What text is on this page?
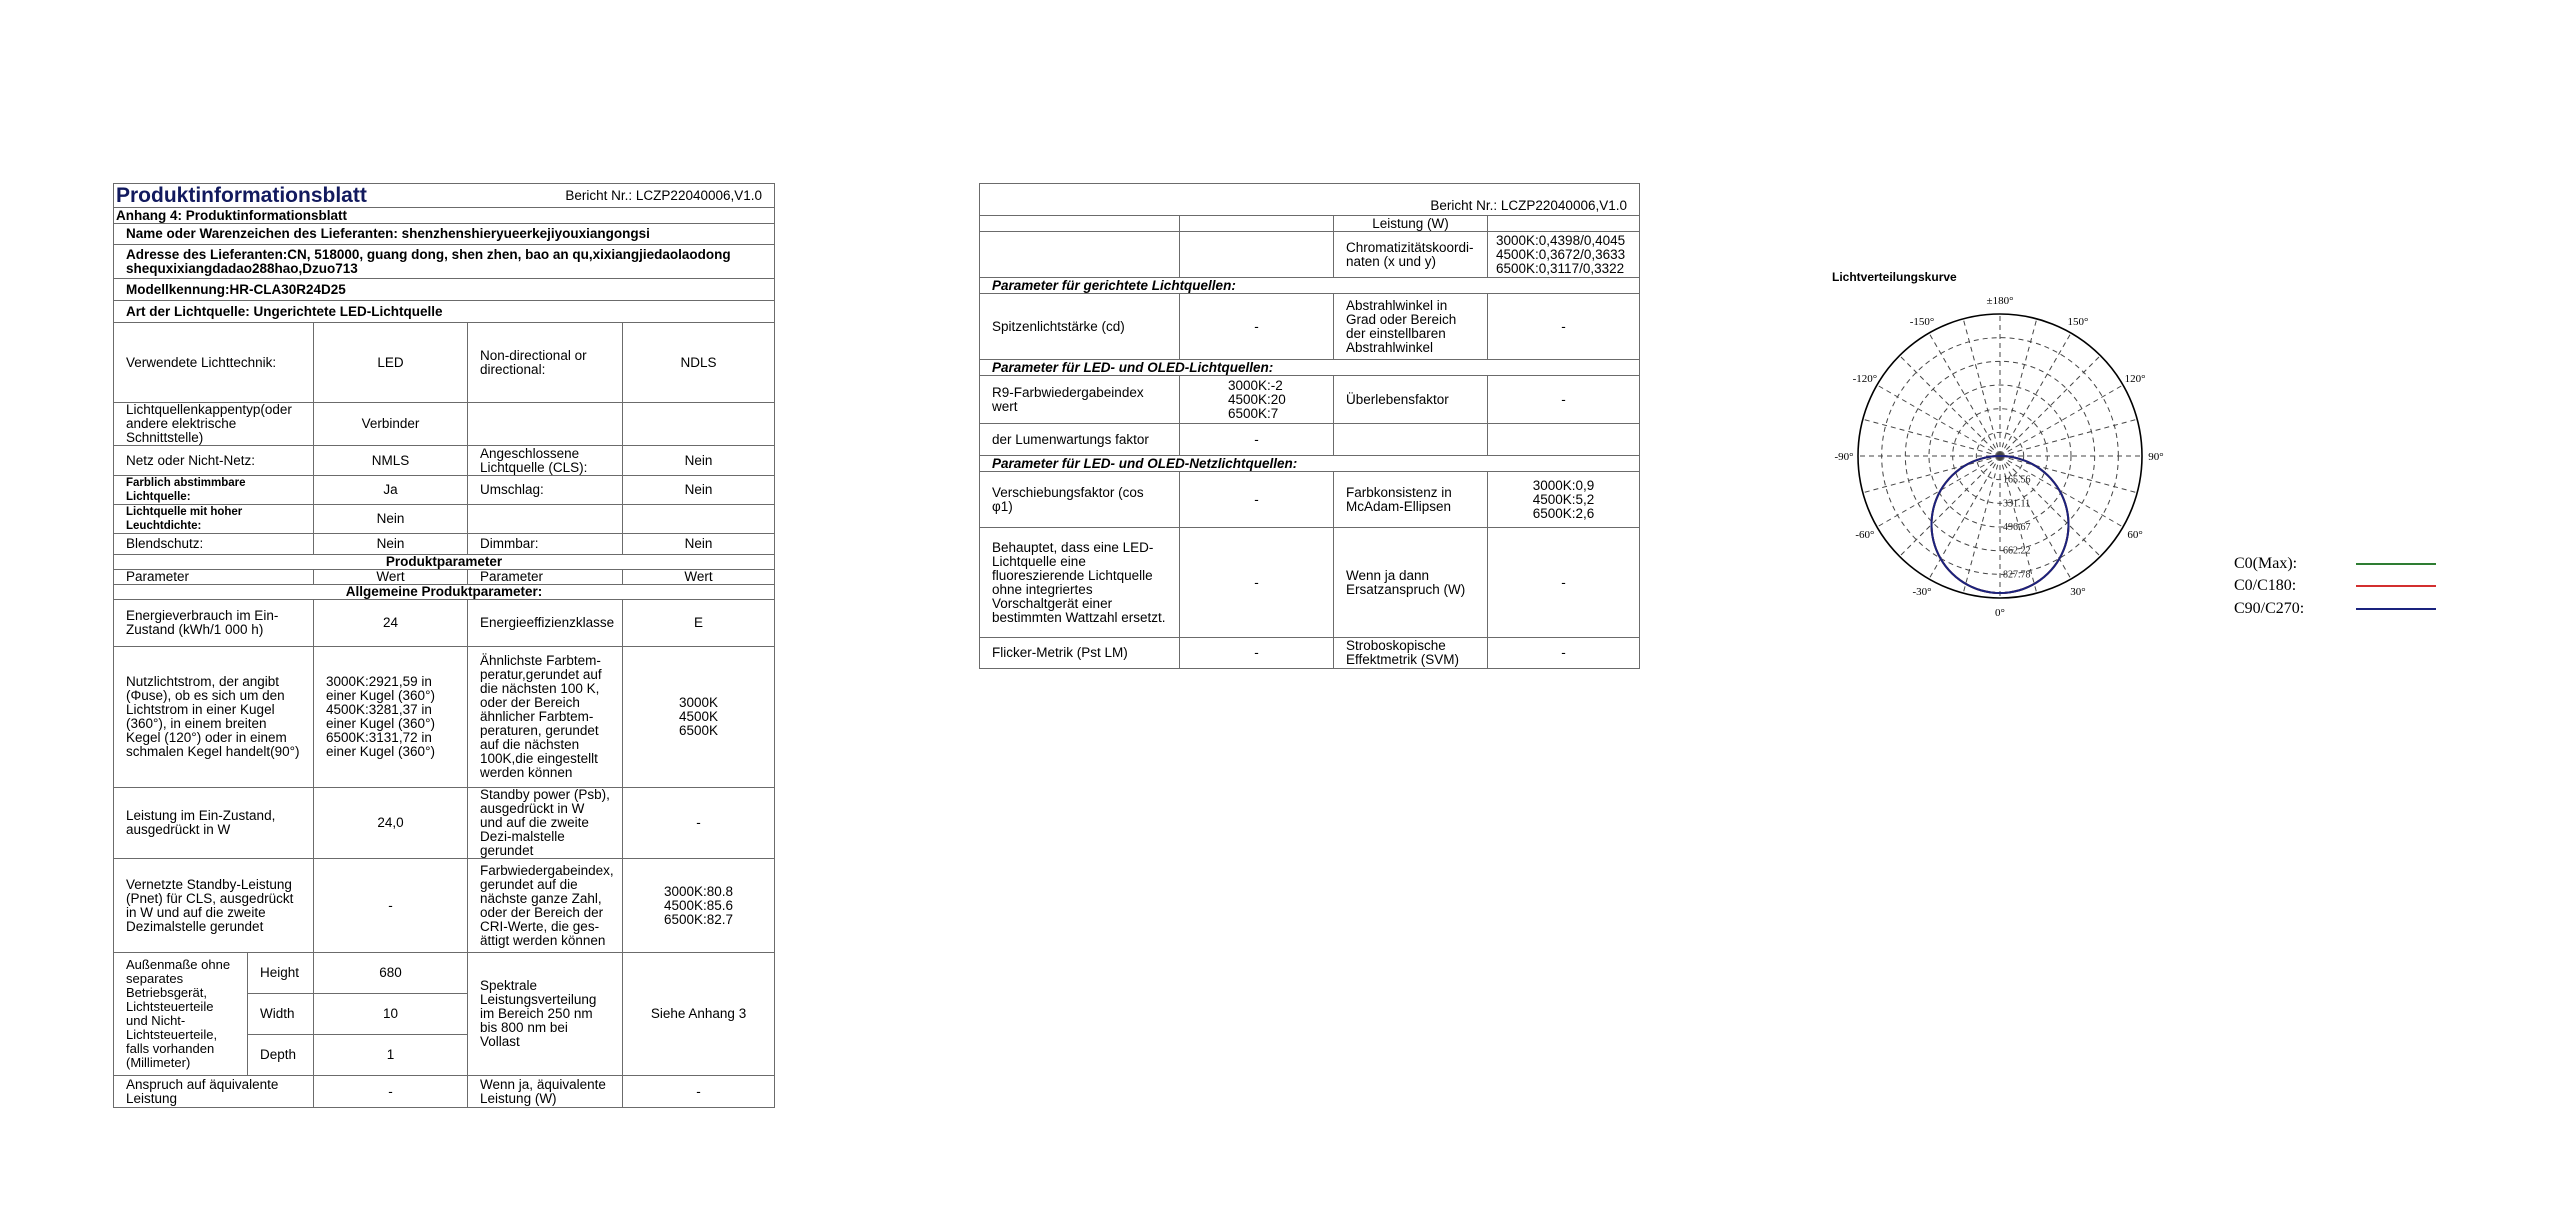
Produktinformationsblatt			Bericht Nr.: LCZP22040006,V1.0	
Anhang 4: Produktinformationsblatt				
Name oder Warenzeichen des Lieferanten: shenzhenshieryueerkejiyouxiangongsi				
Adresse des Lieferanten:CN, 518000, guang dong, shen zhen, bao an qu,xixiangjiedaolaodong shequxixiangdadao288hao,Dzuo713				
Modellkennung:HR-CLA30R24D25				
Art der Lichtquelle: Ungerichtete LED-Lichtquelle				
Verwendete Lichttechnik:		LED	Non-directional or directional:	NDLS
Lichtquellenkappentyp(oder andere elektrische Schnittstelle)		Verbinder		
Netz oder Nicht-Netz:		NMLS	Angeschlossene Lichtquelle (CLS):	Nein
Farblich abstimmbare Lichtquelle:		Ja	Umschlag:	Nein
Lichtquelle mit hoher Leuchtdichte:		Nein		
Blendschutz:		Nein	Dimmbar:	Nein
Produktparameter				
Parameter		Wert	Parameter	Wert
Allgemeine Produktparameter:				
Energieverbrauch im Ein-Zustand (kWh/1 000 h)		24	Energieeffizienzklasse	E
Nutzlichtstrom, der angibt (Φuse), ob es sich um den Lichtstrom in einer Kugel (360°), in einem breiten Kegel (120°) oder in einem schmalen Kegel handelt(90°)		3000K:2921,59 in einer Kugel (360°) 4500K:3281,37 in einer Kugel (360°) 6500K:3131,72 in einer Kugel (360°)	Ähnlichste Farbtem-peratur,gerundet auf die nächsten 100 K, oder der Bereich ähnlicher Farbtem-peraturen, gerundet auf die nächsten 100K,die eingestellt werden können	3000K 4500K 6500K
Leistung im Ein-Zustand, ausgedrückt in W		24,0	Standby power (Psb), ausgedrückt in W und auf die zweite Dezi-malstelle gerundet	-
Vernetzte Standby-Leistung (Pnet) für CLS, ausgedrückt in W und auf die zweite Dezimalstelle gerundet		-	Farbwiedergabeindex, gerundet auf die nächste ganze Zahl, oder der Bereich der CRI-Werte, die ges-ättigt werden können	3000K:80.8 4500K:85.6 6500K:82.7
Außenmaße ohne separates Betriebsgerät, Lichtsteuerteile und Nicht-Lichtsteuerteile, falls vorhanden (Millimeter)	Height	680	Spektrale Leistungsverteilung im Bereich 250 nm bis 800 nm bei Vollast	Siehe Anhang 3
	Width	10		
	Depth	1		
Anspruch auf äquivalente Leistung		-	Wenn ja, äquivalente Leistung (W)	-
Bericht Nr.: LCZP22040006,V1.0			
		Leistung (W)	
		Chromatizitätskoordi-naten (x und y)	3000K:0,4398/0,4045 4500K:0,3672/0,3633 6500K:0,3117/0,3322
Parameter für gerichtete Lichtquellen:			
Spitzenlichtstärke (cd)	-	Abstrahlwinkel in Grad oder Bereich der einstellbaren Abstrahlwinkel	-
Parameter für LED- und OLED-Lichtquellen:			
R9-Farbwiedergabeindex wert	3000K:-2 4500K:20 6500K:7	Überlebensfaktor	-
der Lumenwartungs faktor	-		
Parameter für LED- und OLED-Netzlichtquellen:			
Verschiebungsfaktor (cos φ1)	-	Farbkonsistenz in McAdam-Ellipsen	3000K:0,9 4500K:5,2 6500K:2,6
Behauptet, dass eine LED-Lichtquelle eine fluoreszierende Lichtquelle ohne integriertes Vorschaltgerät einer bestimmten Wattzahl ersetzt.	-	Wenn ja dann Ersatzanspruch (W)	-
Flicker-Metrik (Pst LM)	-	Stroboskopische Effektmetrik (SVM)	-
Lichtverteilungskurve
±180°
-150°	150°
-120°	120°
-90°	90°
-60°	60°
-30°	30°
0°
165.56
331.11
496.67
662.22
827.78
C0(Max):
C0/C180:
C90/C270:
